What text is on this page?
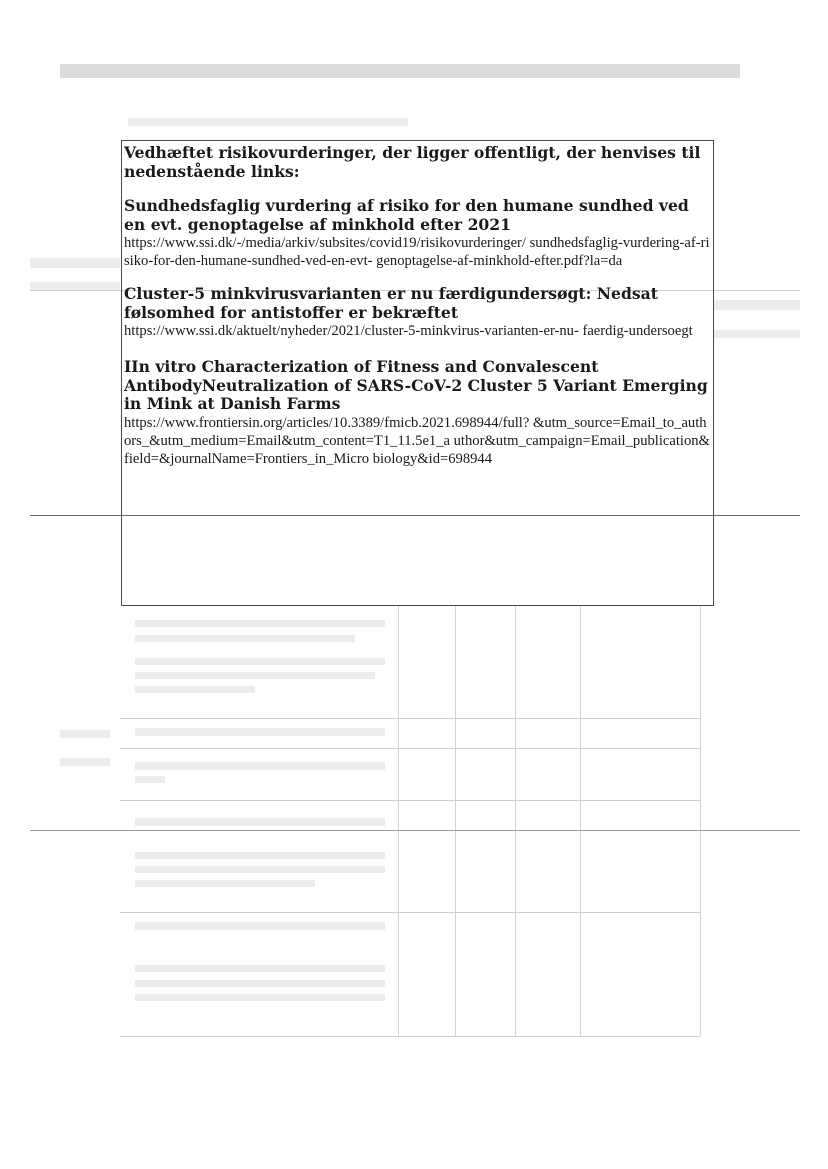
Vedhæftet risikovurderinger, der ligger offentligt, der henvises til nedenstående links:

Sundhedsfaglig vurdering af risiko for den humane sundhed ved en evt. genoptagelse af minkhold efter 2021

https://www.ssi.dk/-/media/arkiv/subsites/covid19/risikovurderinger/ sundhedsfaglig-vurdering-af-risiko-for-den-humane-sundhed-ved-en-evt- genoptagelse-af-minkhold-efter.pdf?la=da

Cluster-5 minkvirusvarianten er nu færdigundersøgt: Nedsat følsomhed for antistoffer er bekræftet

https://www.ssi.dk/aktuelt/nyheder/2021/cluster-5-minkvirus-varianten-er-nu- faerdig-undersoegt

IIn vitro Characterization of Fitness and Convalescent AntibodyNeutralization of SARS-CoV-2 Cluster 5 Variant Emerging in Mink at Danish Farms

https://www.frontiersin.org/articles/10.3389/fmicb.2021.698944/full? &utm_source=Email_to_authors_&utm_medium=Email&utm_content=T1_11.5e1_a uthor&utm_campaign=Email_publication&field=&journalName=Frontiers_in_Micro biology&id=698944
